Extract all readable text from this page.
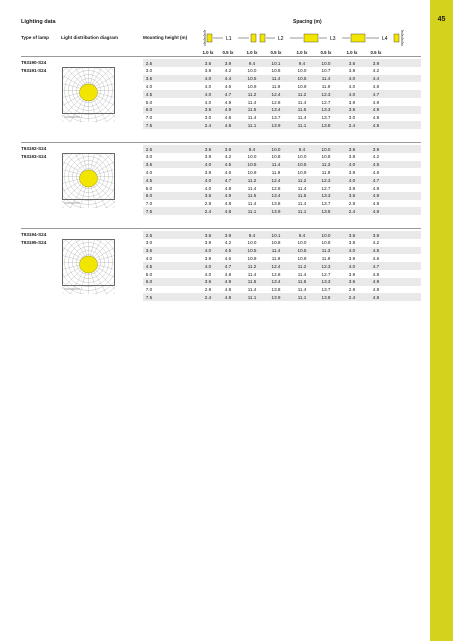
45
Lighting data	Spacing (m)
Type of lamp	Light distribution diagram	Mounting height (m)	L1	L2	L3	L4
1.0 lx	0.5 lx	1.0 lx	0.5 lx	1.0 lx	0.5 lx	1.0 lx	0.5 lx
T93190-S24
T93191-S24
2.5	3.6	3.9	9.4	10.1	9.4	10.0	3.6	3.9
3.0	3.8	4.2	10.0	10.8	10.0	10.7	3.8	4.2
3.5	4.0	4.4	10.5	11.4	10.5	11.4	4.0	4.4
4.0	4.0	4.6	10.9	11.9	10.9	11.9	4.0	4.6
4.5	4.0	4.7	11.2	12.4	11.2	12.3	4.0	4.7
5.0	4.0	4.9	11.4	12.8	11.4	12.7	3.9	4.9
6.0	3.6	4.9	11.5	13.4	11.5	13.3	3.6	4.9
7.0	3.0	4.8	11.4	13.7	11.4	13.7	3.0	4.8
7.5	2.4	4.8	11.1	13.9	11.1	13.8	2.4	4.8
T93192-S24
T93193-S24
2.5	3.6	3.9	9.4	10.0	9.4	10.0	3.6	3.9
3.0	3.9	4.2	10.0	10.8	10.0	10.8	3.8	4.2
3.5	4.0	4.5	10.5	11.4	10.5	11.3	4.0	4.5
4.0	3.9	4.6	10.9	11.9	10.9	11.9	3.9	4.6
4.5	4.0	4.7	11.2	12.4	11.2	12.3	4.0	4.7
5.0	4.0	4.8	11.4	12.8	11.4	12.7	3.9	4.9
6.0	3.6	4.9	11.5	13.4	11.5	13.3	3.6	4.9
7.0	2.9	4.8	11.4	13.8	11.4	13.7	2.9	4.8
7.5	2.4	4.8	11.1	13.9	11.1	13.8	2.4	4.8
T93194-S24
T93195-S24
2.5	3.6	3.9	9.4	10.1	9.4	10.0	3.6	3.9
3.0	3.9	4.2	10.0	10.8	10.0	10.8	3.8	4.2
3.5	4.0	4.5	10.5	11.4	10.5	11.3	4.0	4.5
4.0	3.9	4.6	10.9	11.9	10.9	11.9	3.9	4.6
4.5	4.0	4.7	11.2	12.4	11.2	12.3	4.0	4.7
5.0	4.0	4.8	11.4	12.8	11.4	12.7	3.9	4.8
6.0	3.6	4.9	11.5	13.4	11.5	13.3	3.6	4.9
7.0	2.9	4.8	11.4	13.8	11.4	13.7	2.9	4.8
7.5	2.4	4.8	11.1	13.9	11.1	13.8	2.4	4.8
